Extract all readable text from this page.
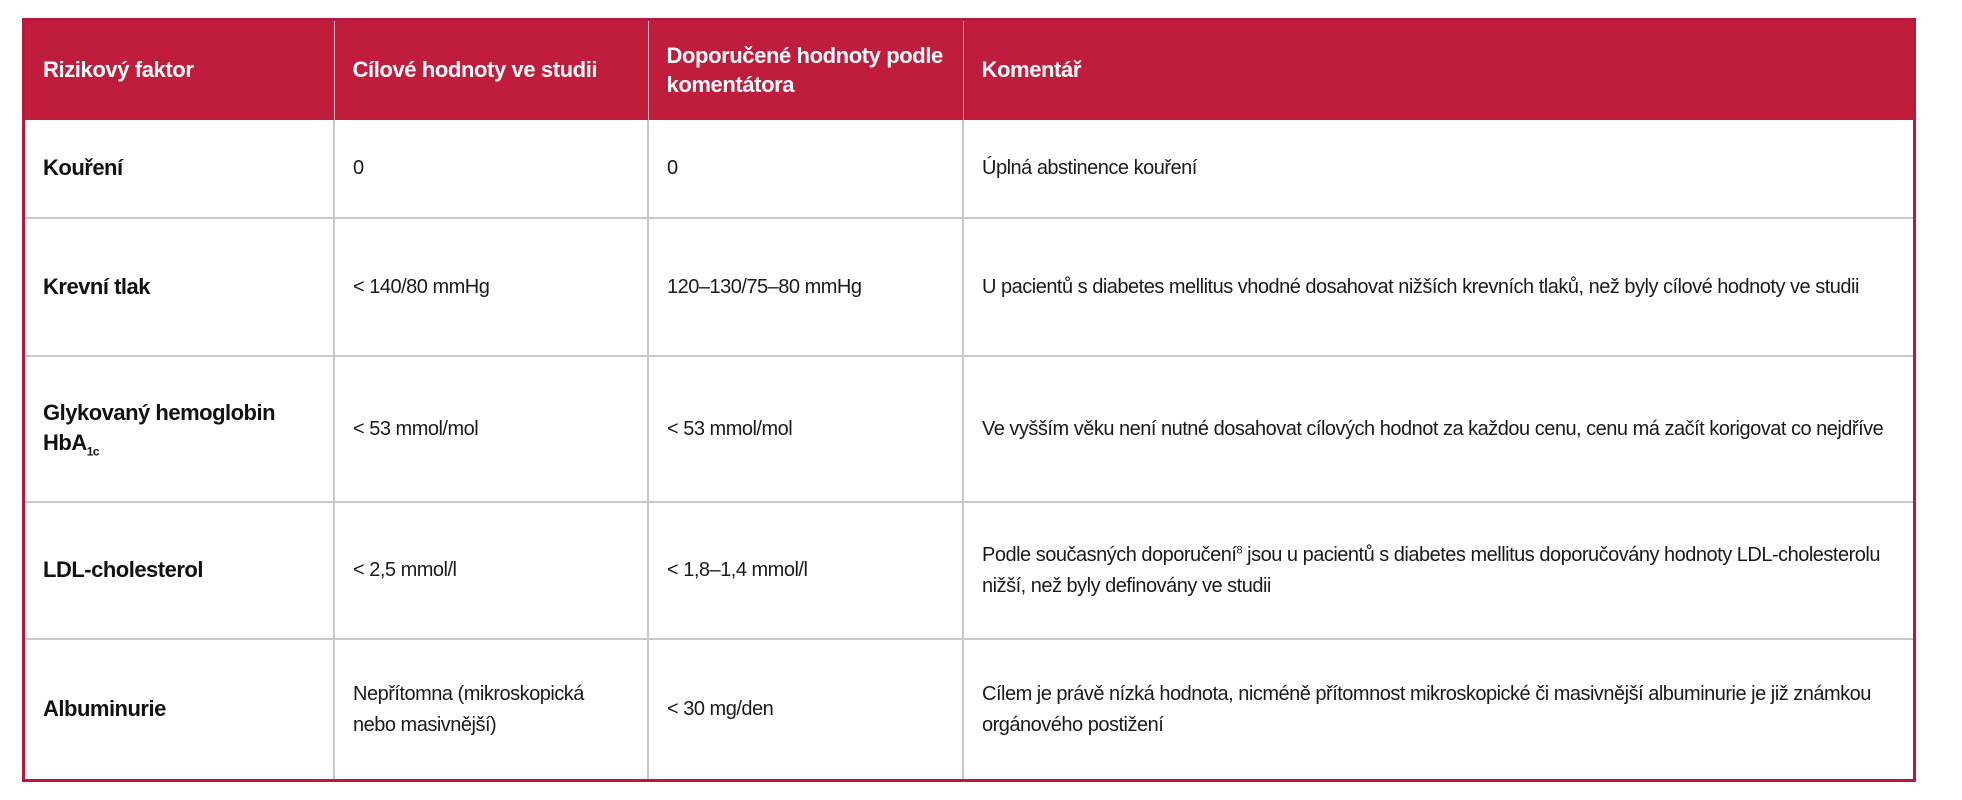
Rizikový faktor	Cílové hodnoty ve studii	Doporučené hodnoty podle komentátora	Komentář
Kouření	0	0	Úplná abstinence kouření
Krevní tlak	< 140/80 mmHg	120–130/75–80 mmHg	U pacientů s diabetes mellitus vhodné dosahovat nižších krevních tlaků, než byly cílové hodnoty ve studii
Glykovaný hemoglobin HbA$_{1c}$	< 53 mmol/mol	< 53 mmol/mol	Ve vyšším věku není nutné dosahovat cílových hodnot za každou cenu, cenu má začít korigovat co nejdříve
LDL-cholesterol	< 2,5 mmol/l	< 1,8–1,4 mmol/l	Podle současných doporučení$^8$ jsou u pacientů s diabetes mellitus doporučovány hodnoty LDL-cholesterolu nižší, než byly definovány ve studii
Albuminurie	Nepřítomna (mikroskopická nebo masivnější)	< 30 mg/den	Cílem je právě nízká hodnota, nicméně přítomnost mikroskopické či masivnější albuminurie je již známkou orgánového postižení
